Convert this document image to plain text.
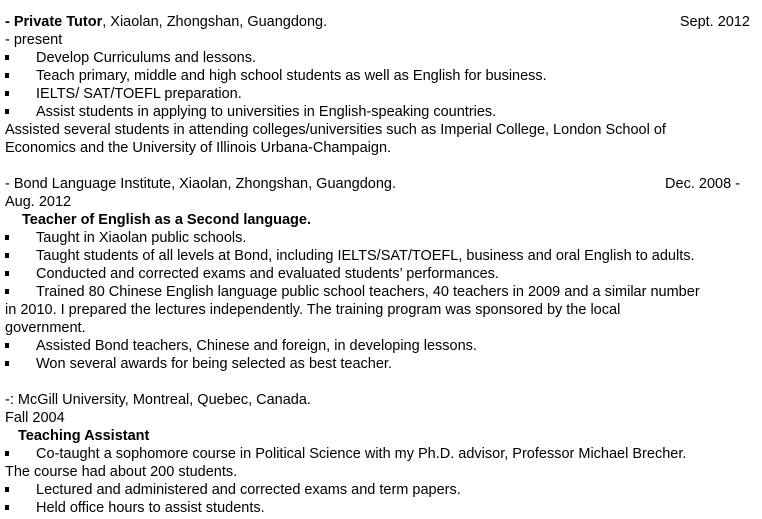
- Private Tutor, Xiaolan, Zhongshan, Guangdong.	Sept. 2012
- present
Develop Curriculums and lessons.
Teach primary, middle and high school students as well as English for business.
IELTS/ SAT/TOEFL preparation.
Assist students in applying to universities in English-speaking countries.
Assisted several students in attending colleges/universities such as Imperial College, London School of
Economics and the University of Illinois Urbana-Champaign.
- Bond Language Institute, Xiaolan, Zhongshan, Guangdong.	Dec. 2008 -
Aug. 2012
Teacher of English as a Second language.
Taught in Xiaolan public schools.
Taught students of all levels at Bond, including IELTS/SAT/TOEFL, business and oral English to adults.
Conducted and corrected exams and evaluated students’ performances.
Trained 80 Chinese English language public school teachers, 40 teachers in 2009 and a similar number
in 2010. I prepared the lectures independently. The training program was sponsored by the local
government.
Assisted Bond teachers, Chinese and foreign, in developing lessons.
Won several awards for being selected as best teacher.
-: McGill University, Montreal, Quebec, Canada.
Fall 2004
Teaching Assistant
Co-taught a sophomore course in Political Science with my Ph.D. advisor, Professor Michael Brecher.
The course had about 200 students.
Lectured and administered and corrected exams and term papers.
Held office hours to assist students.
